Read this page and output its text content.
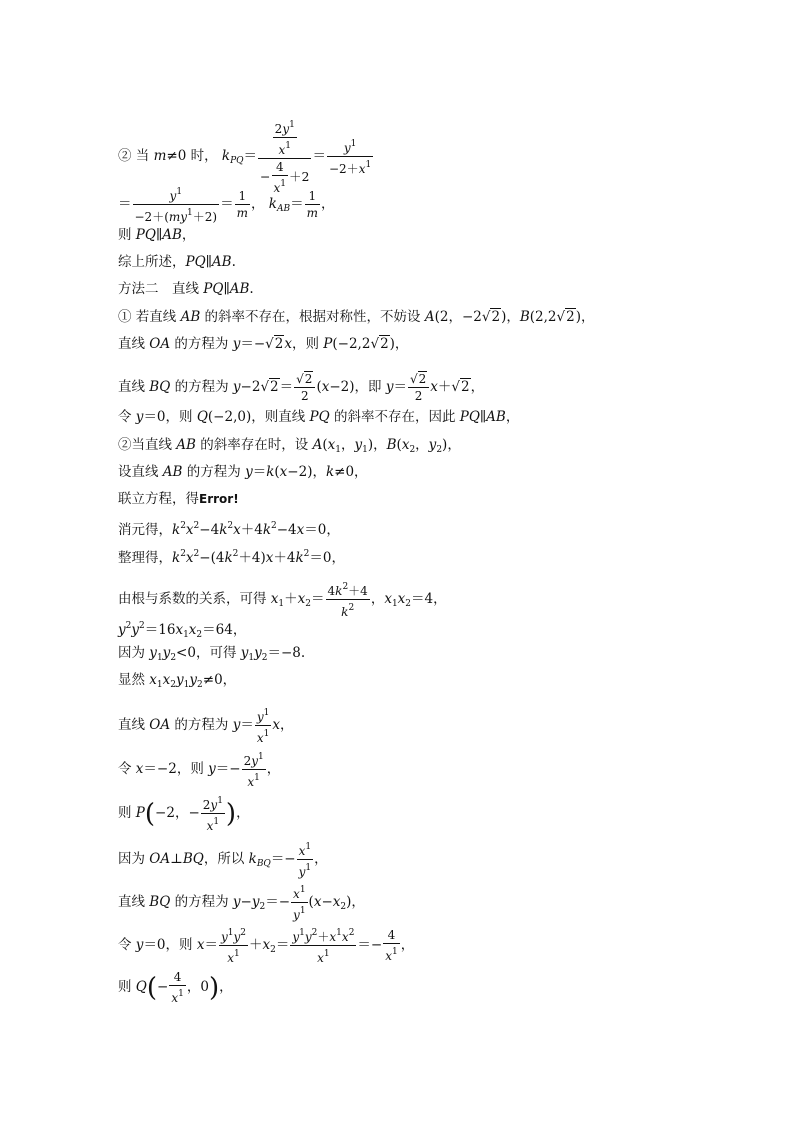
② 当 m≠0 时， $k_{PQ}= \frac{\frac{2y^1}{x^1}}{- \frac{4}{x^1} +2} = \frac{y^1}{-2+x^1}$
＝ $\frac{y^1}{-2+(my^1+2)} = \frac{1}{m}$ ， $k_{AB}= \frac{1}{m}$ ，
则 PQ∥AB，
综上所述，PQ∥AB.
方法二　直线 PQ∥AB.
① 若直线 AB 的斜率不存在，根据对称性，不妨设 A(2，−2√2)，B(2,2√2)，
直线 OA 的方程为 y＝−√2x，则 P(−2,2√2)，
直线 BQ 的方程为 $y-2√2= \frac{√2}{2} (x-2)$，即 $y= \frac{√2}{2} x+√2$，
令 y＝0，则 Q(−2,0)，则直线 PQ 的斜率不存在，因此 PQ∥AB，
②当直线 AB 的斜率存在时，设 $A(x_1$，$y_1$)，$B(x_2$，$y_2$)，
设直线 AB 的方程为 y＝k(x−2)，k≠0，
联立方程，得Error!
消元得，$k^2x^2-4k^2x+4k^2-4x=0$，
整理得，$k^2x^2-(4k^2+4)x+4k^2=0$，
由根与系数的关系，可得 $x_1+x_2= \frac{4k^2+4}{k^2}$ ，$x_1x_2=4$，
$y^2y^2=16x_1x_2=64$，
因为 $y_1y_2<0$，可得 $y_1y_2=-8$.
显然 $x_1x_2y_1y_2\ne 0$，
直线 OA 的方程为 $y= \frac{y^1}{x^1}$ x，
令 x＝−2，则 $y=- \frac{2y^1}{x^1}$ ，
则 P(−2，− $\frac{2y^1}{x^1}$ )，
因为 OA⊥BQ，所以 $k_{BQ}=- \frac{x^1}{y^1}$ ，
直线 BQ 的方程为 $y-y_2=- \frac{x^1}{y^1} (x-x_2)$，
令 y＝0，则 $x= \frac{y^1y^2}{x^1} +x_2= \frac{y^1y^2+x^1x^2}{x^1} =- \frac{4}{x^1}$ ，
则 $Q(- \frac{4}{x^1}$ ，0)，
